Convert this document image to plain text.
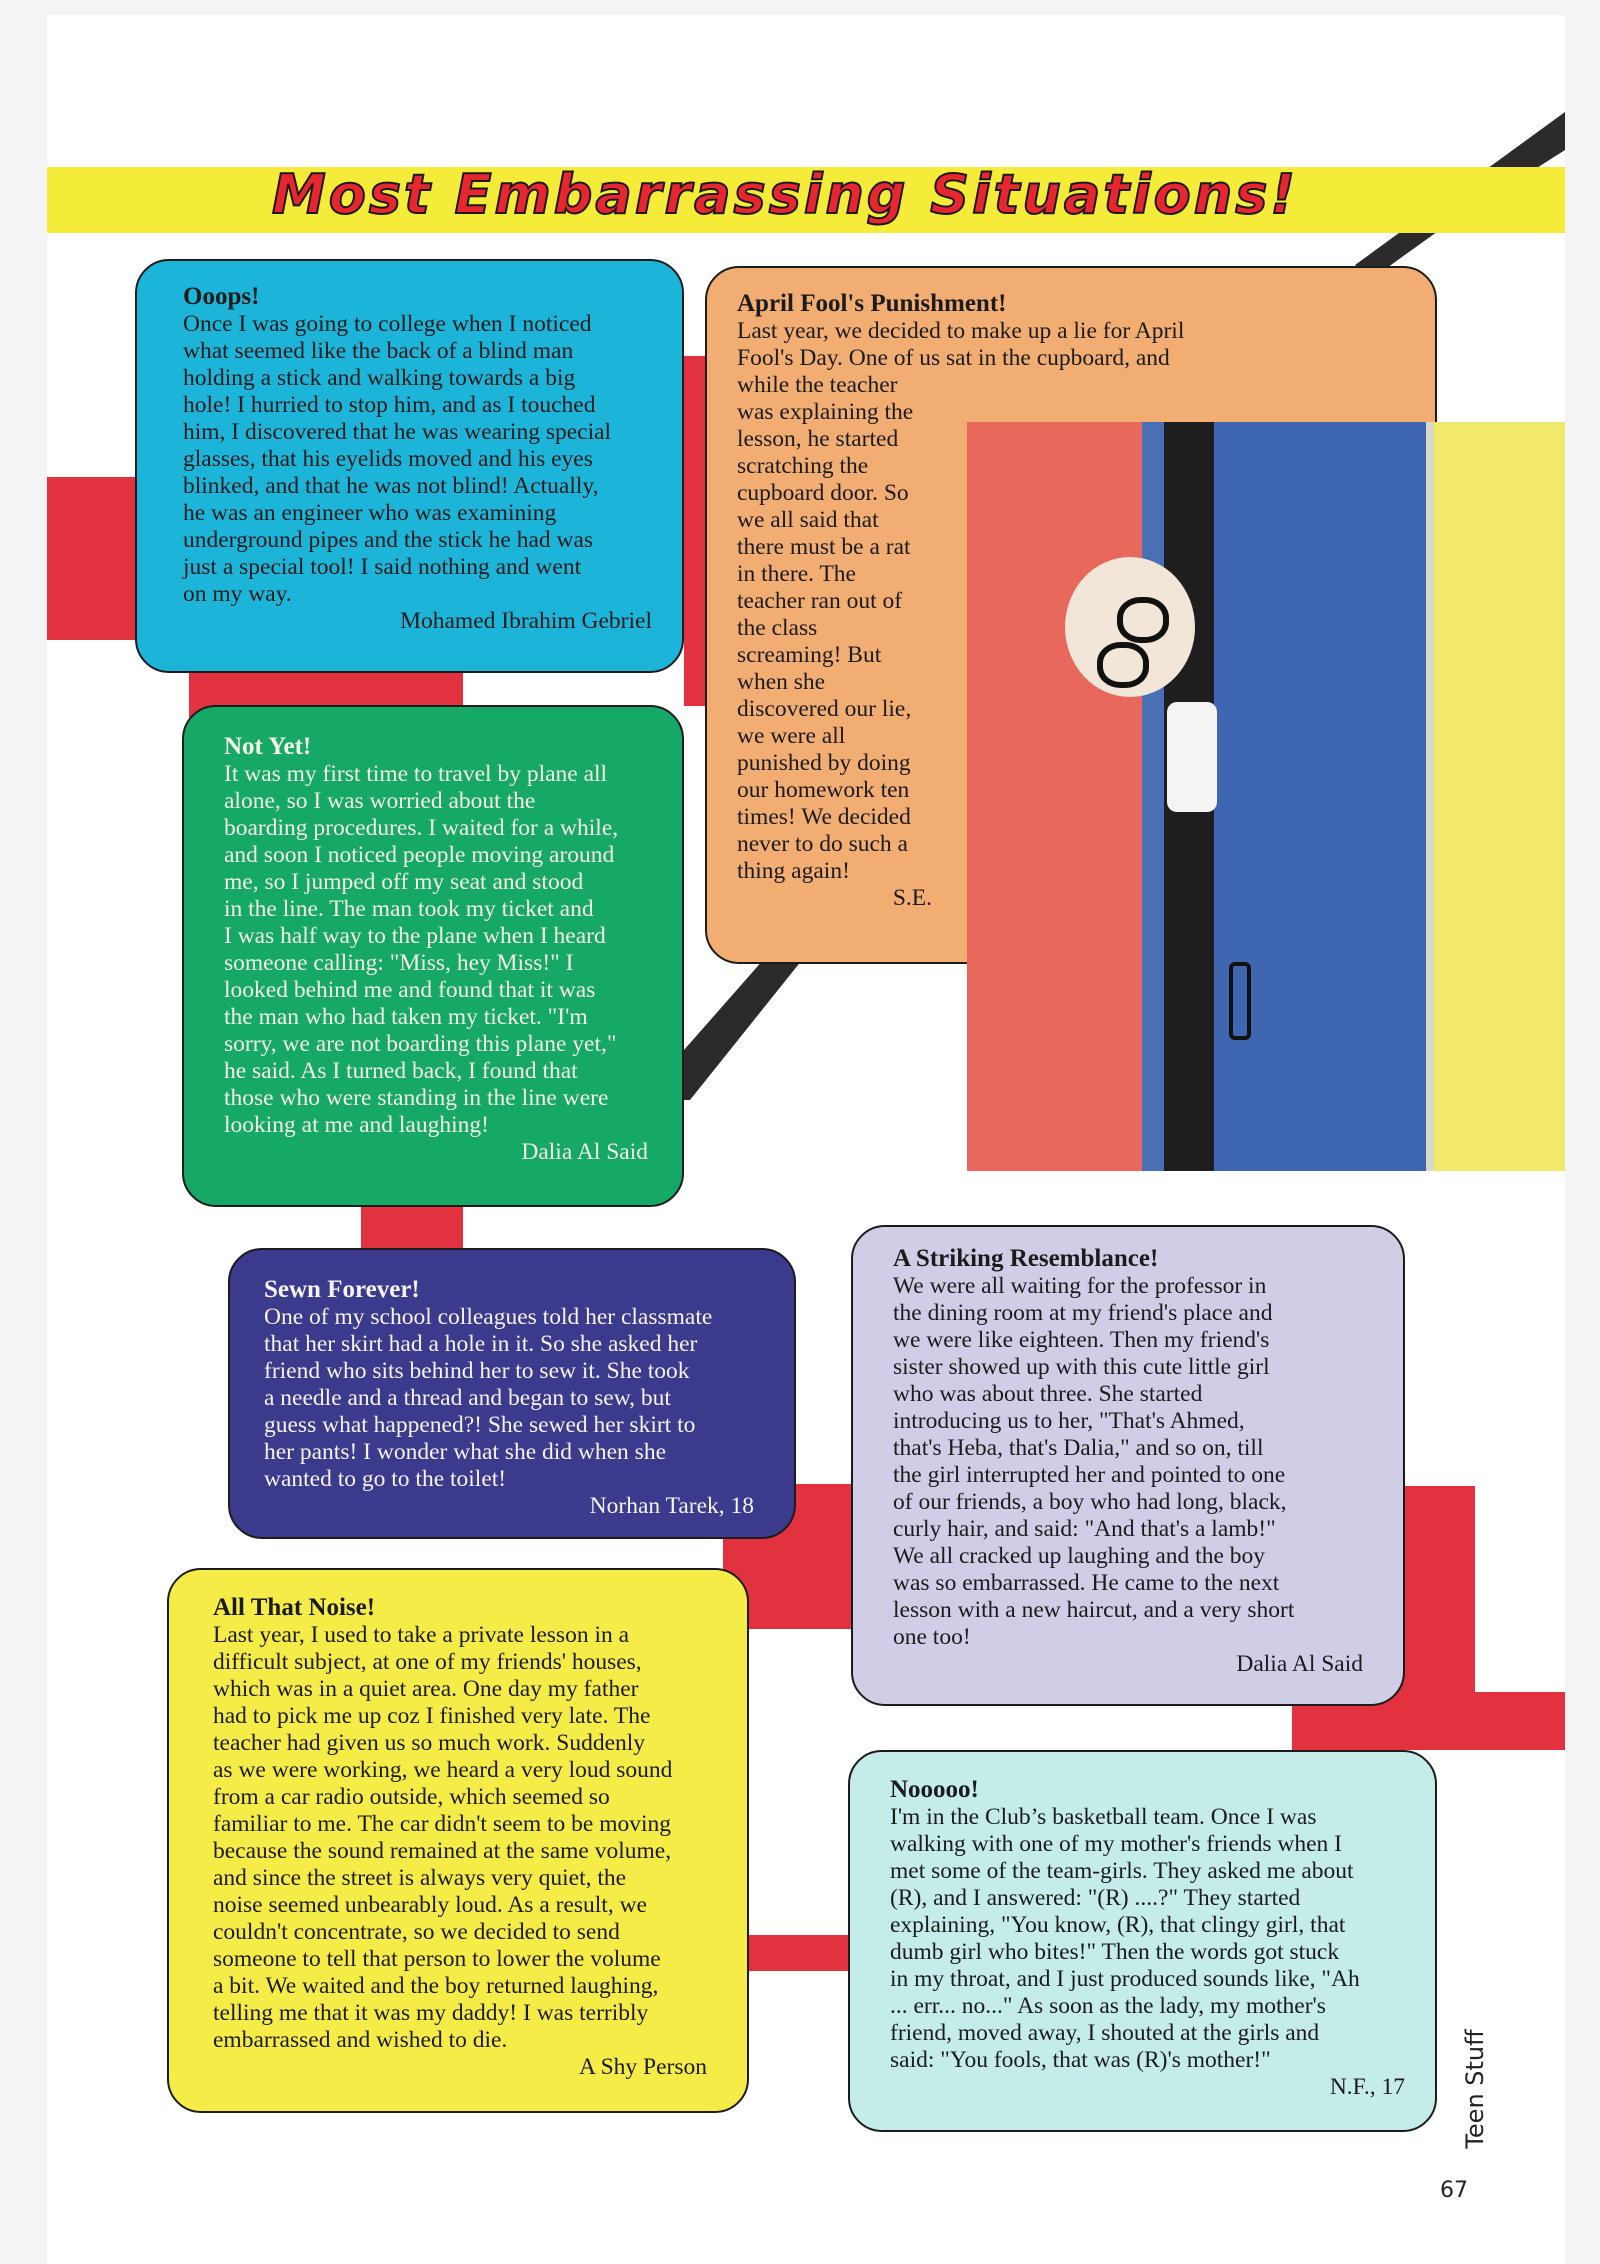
Most Embarrassing Situations!
Ooops!
Once I was going to college when I noticed
what seemed like the back of a blind man
holding a stick and walking towards a big
hole! I hurried to stop him, and as I touched
him, I discovered that he was wearing special
glasses, that his eyelids moved and his eyes
blinked, and that he was not blind! Actually,
he was an engineer who was examining
underground pipes and the stick he had was
just a special tool! I said nothing and went
on my way.
Mohamed Ibrahim Gebriel
Not Yet!
It was my first time to travel by plane all
alone, so I was worried about the
boarding procedures. I waited for a while,
and soon I noticed people moving around
me, so I jumped off my seat and stood
in the line. The man took my ticket and
I was half way to the plane when I heard
someone calling: "Miss, hey Miss!" I
looked behind me and found that it was
the man who had taken my ticket. "I'm
sorry, we are not boarding this plane yet,"
he said. As I turned back, I found that
those who were standing in the line were
looking at me and laughing!
Dalia Al Said
April Fool's Punishment!
Last year, we decided to make up a lie for April
Fool's Day. One of us sat in the cupboard, and
while the teacher
was explaining the
lesson, he started
scratching the
cupboard door. So
we all said that
there must be a rat
in there. The
teacher ran out of
the class
screaming! But
when she
discovered our lie,
we were all
punished by doing
our homework ten
times! We decided
never to do such a
thing again!
S.E.
Sewn Forever!
One of my school colleagues told her classmate
that her skirt had a hole in it. So she asked her
friend who sits behind her to sew it. She took
a needle and a thread and began to sew, but
guess what happened?! She sewed her skirt to
her pants! I wonder what she did when she
wanted to go to the toilet!
Norhan Tarek, 18
A Striking Resemblance!
We were all waiting for the professor in
the dining room at my friend's place and
we were like eighteen. Then my friend's
sister showed up with this cute little girl
who was about three. She started
introducing us to her, "That's Ahmed,
that's Heba, that's Dalia," and so on, till
the girl interrupted her and pointed to one
of our friends, a boy who had long, black,
curly hair, and said: "And that's a lamb!"
We all cracked up laughing and the boy
was so embarrassed. He came to the next
lesson with a new haircut, and a very short
one too!
Dalia Al Said
All That Noise!
Last year, I used to take a private lesson in a
difficult subject, at one of my friends' houses,
which was in a quiet area. One day my father
had to pick me up coz I finished very late. The
teacher had given us so much work. Suddenly
as we were working, we heard a very loud sound
from a car radio outside, which seemed so
familiar to me. The car didn't seem to be moving
because the sound remained at the same volume,
and since the street is always very quiet, the
noise seemed unbearably loud. As a result, we
couldn't concentrate, so we decided to send
someone to tell that person to lower the volume
a bit. We waited and the boy returned laughing,
telling me that it was my daddy! I was terribly
embarrassed and wished to die.
A Shy Person
Nooooo!
I'm in the Club’s basketball team. Once I was
walking with one of my mother's friends when I
met some of the team-girls. They asked me about
(R), and I answered: "(R) ....?" They started
explaining, "You know, (R), that clingy girl, that
dumb girl who bites!" Then the words got stuck
in my throat, and I just produced sounds like, "Ah
... err... no..." As soon as the lady, my mother's
friend, moved away, I shouted at the girls and
said: "You fools, that was (R)'s mother!"
N.F., 17 Teen Stuff
67
